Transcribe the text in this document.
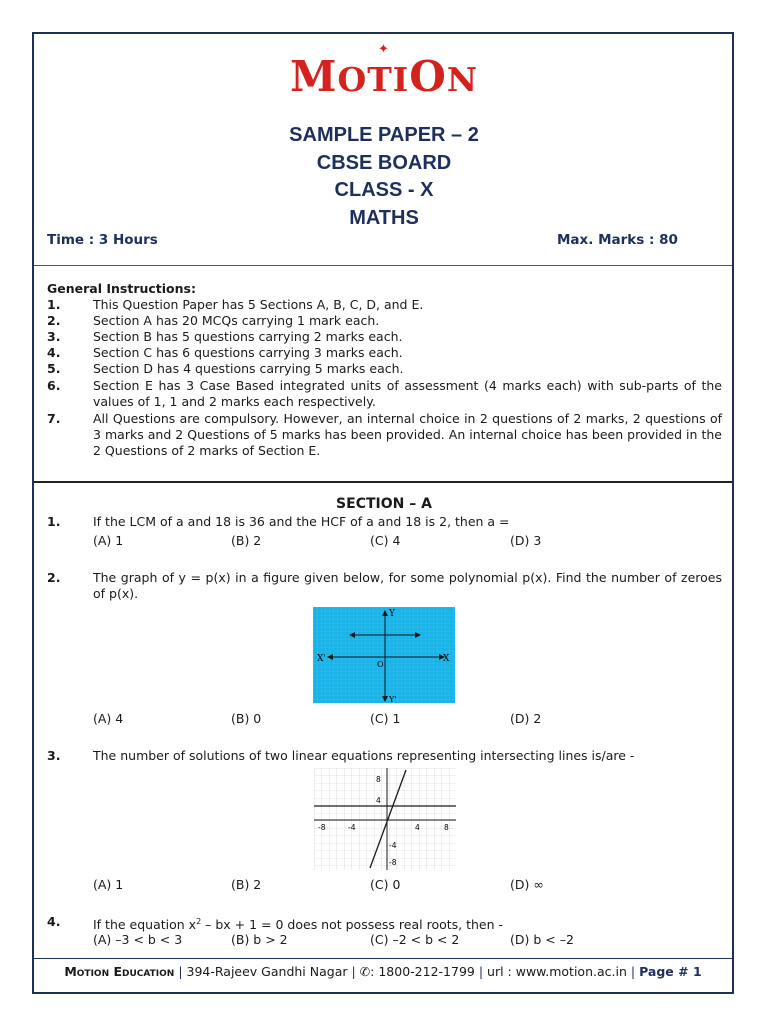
✦
MOTION
SAMPLE PAPER – 2
CBSE BOARD
CLASS - X
MATHS
Time : 3 Hours	Max. Marks : 80
General Instructions:
1.	This Question Paper has 5 Sections A, B, C, D, and E.
2.	Section A has 20 MCQs carrying 1 mark each.
3.	Section B has 5 questions carrying 2 marks each.
4.	Section C has 6 questions carrying 3 marks each.
5.	Section D has 4 questions carrying 5 marks each.
6.	Section E has 3 Case Based integrated units of assessment (4 marks each) with sub-parts of the values of 1, 1 and 2 marks each respectively.
7.	All Questions are compulsory. However, an internal choice in 2 questions of 2 marks, 2 questions of 3 marks and 2 Questions of 5 marks has been provided. An internal choice has been provided in the 2 Questions of 2 marks of Section E.
SECTION – A
1.	If the LCM of a and 18 is 36 and the HCF of a and 18 is 2, then a =
(A) 1	(B) 2	(C) 4	(D) 3
2.	The graph of y = p(x) in a figure given below, for some polynomial p(x). Find the number of zeroes of p(x).
Y
X
X'
Y'
O
(A) 4	(B) 0	(C) 1	(D) 2
3.	The number of solutions of two linear equations representing intersecting lines is/are -
-8	-4	4	8
8
4
-4
-8
(A) 1	(B) 2	(C) 0	(D) ∞
4.	If the equation $x^2$ – bx + 1 = 0 does not possess real roots, then -
(A) –3 < b < 3	(B) b > 2	(C) –2 < b < 2	(D) b < –2
Motion Education | 394-Rajeev Gandhi Nagar | ✆: 1800-212-1799 | url : www.motion.ac.in | Page # 1
